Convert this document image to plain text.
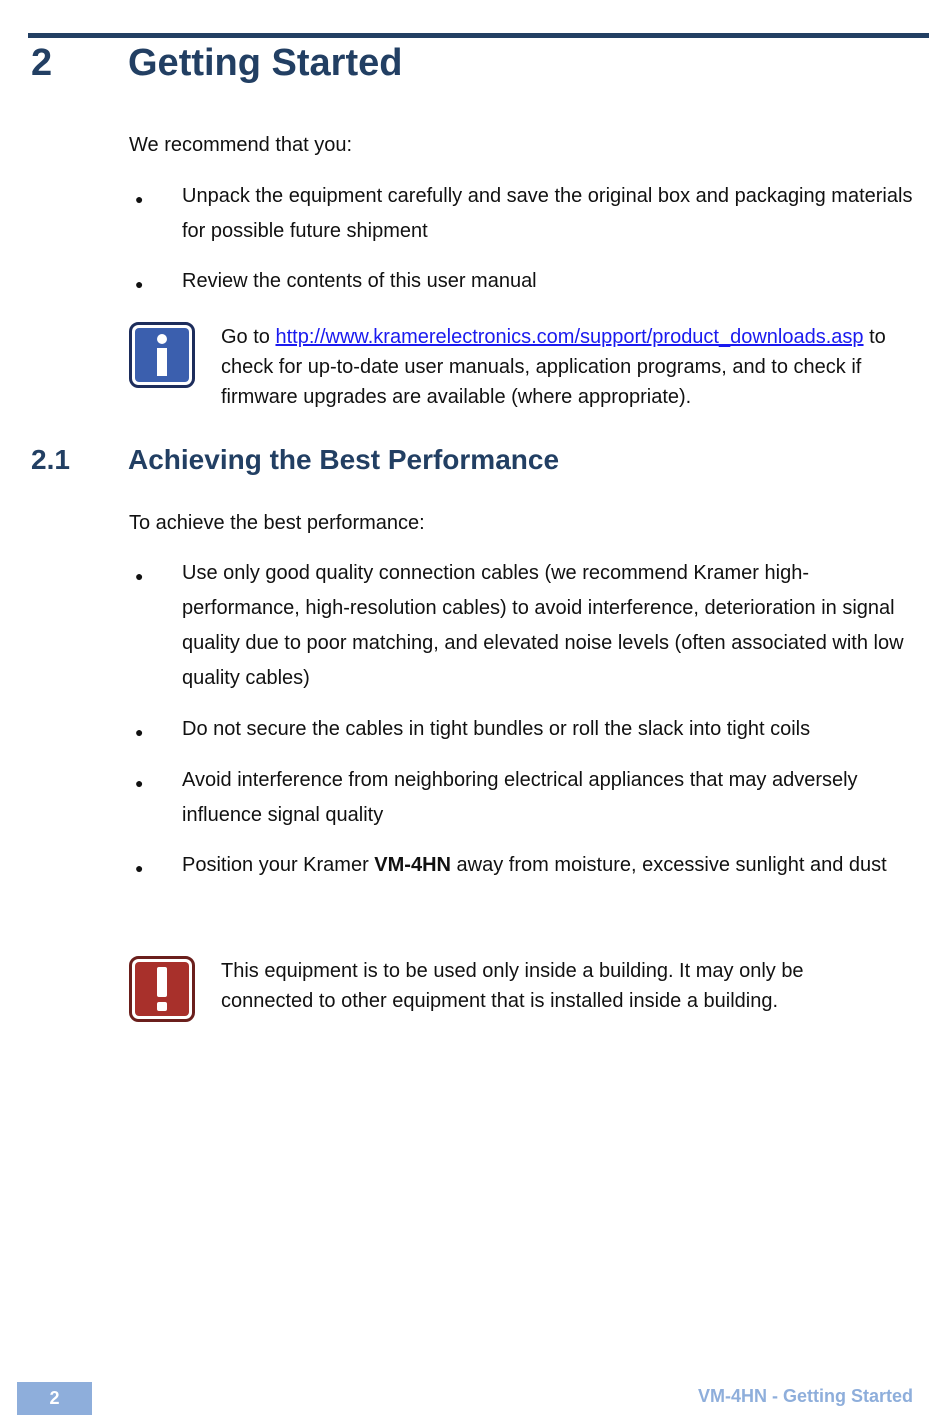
2 Getting Started
We recommend that you:
● Unpack the equipment carefully and save the original box and packaging materials for possible future shipment
● Review the contents of this user manual
Go to http://www.kramerelectronics.com/support/product_downloads.asp to check for up-to-date user manuals, application programs, and to check if firmware upgrades are available (where appropriate).
2.1 Achieving the Best Performance
To achieve the best performance:
● Use only good quality connection cables (we recommend Kramer high-performance, high-resolution cables) to avoid interference, deterioration in signal quality due to poor matching, and elevated noise levels (often associated with low quality cables)
● Do not secure the cables in tight bundles or roll the slack into tight coils
● Avoid interference from neighboring electrical appliances that may adversely influence signal quality
● Position your Kramer VM-4HN away from moisture, excessive sunlight and dust
This equipment is to be used only inside a building. It may only be connected to other equipment that is installed inside a building.
2	VM-4HN - Getting Started
